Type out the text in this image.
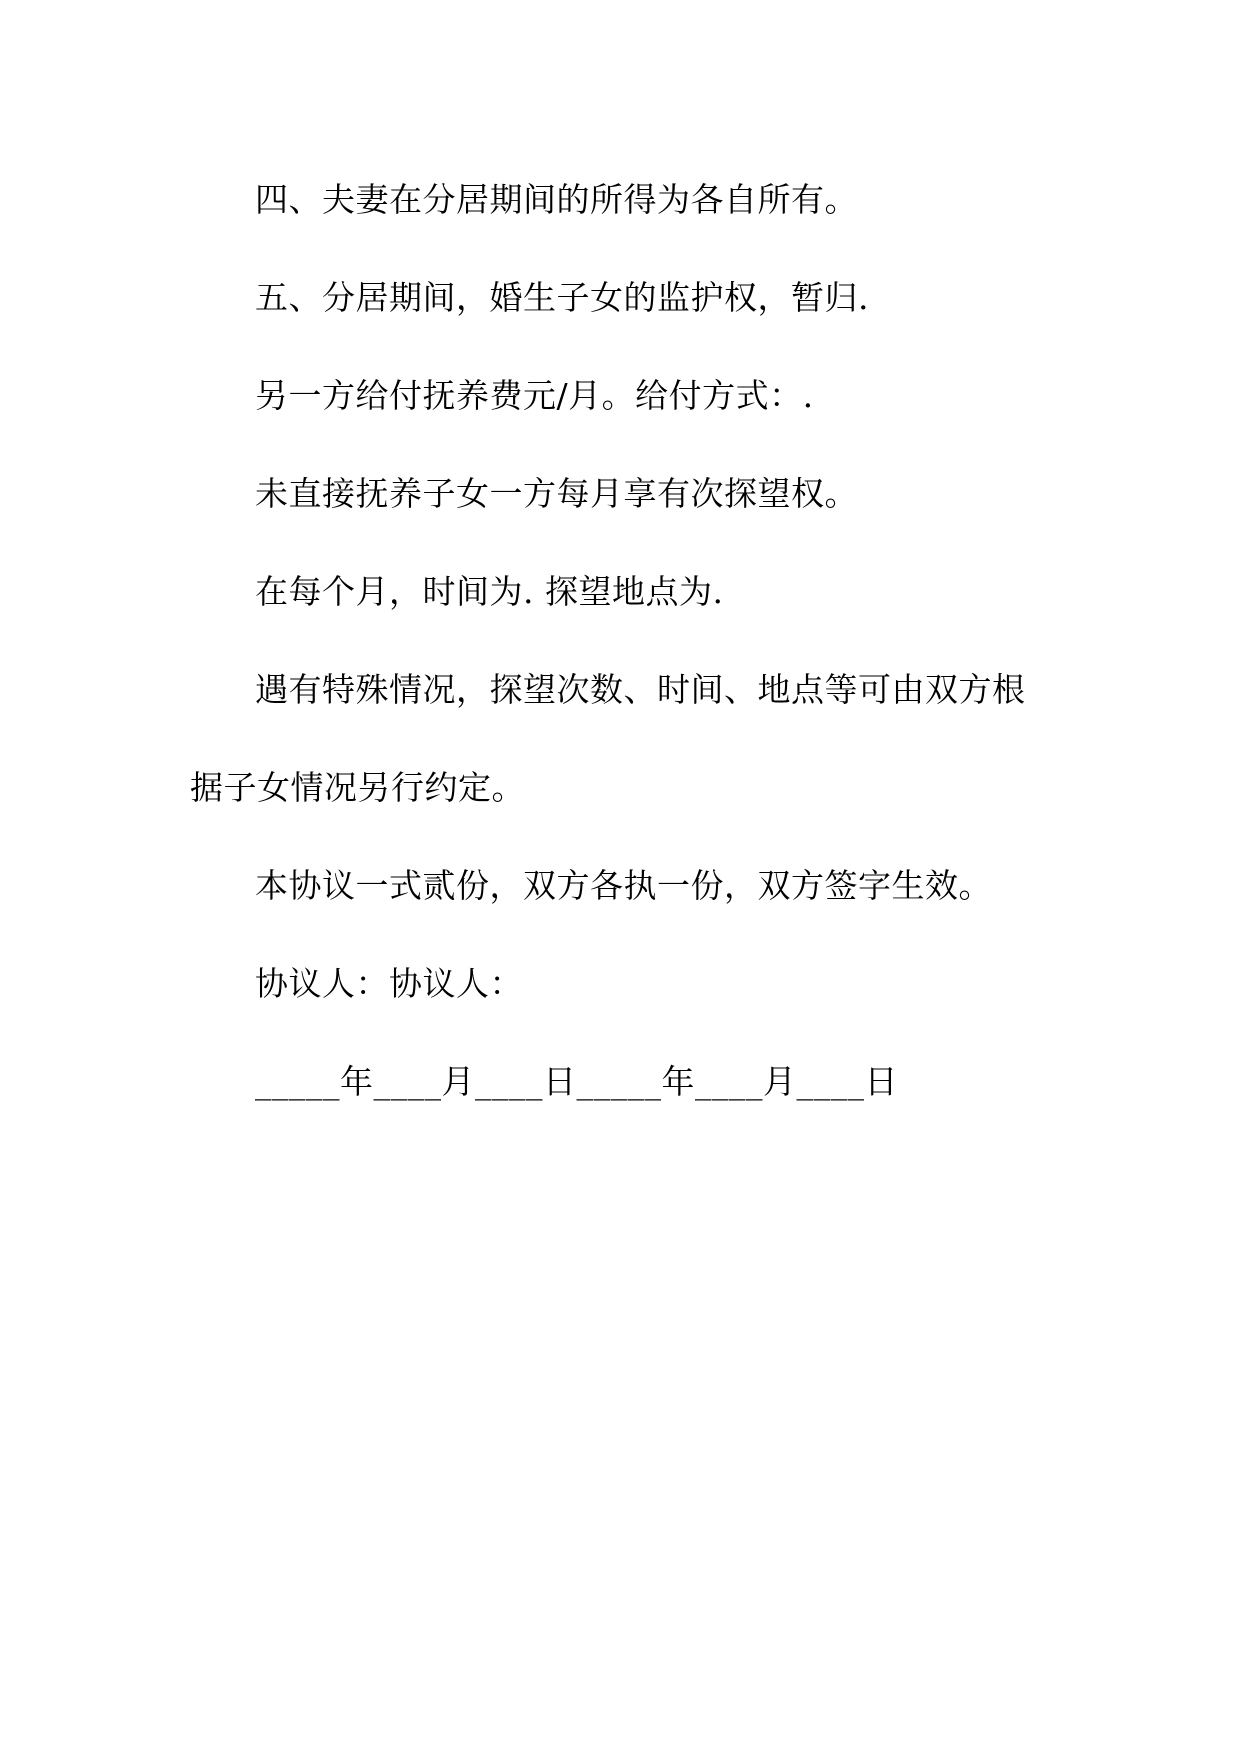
四、夫妻在分居期间的所得为各自所有。
五、分居期间，婚生子女的监护权，暂归.
另一方给付抚养费元/月。给付方式：.
未直接抚养子女一方每月享有次探望权。
在每个月，时间为. 探望地点为.
遇有特殊情况，探望次数、时间、地点等可由双方根
据子女情况另行约定。
本协议一式贰份，双方各执一份，双方签字生效。
协议人：协议人：
_____年____月____日_____年____月____日
